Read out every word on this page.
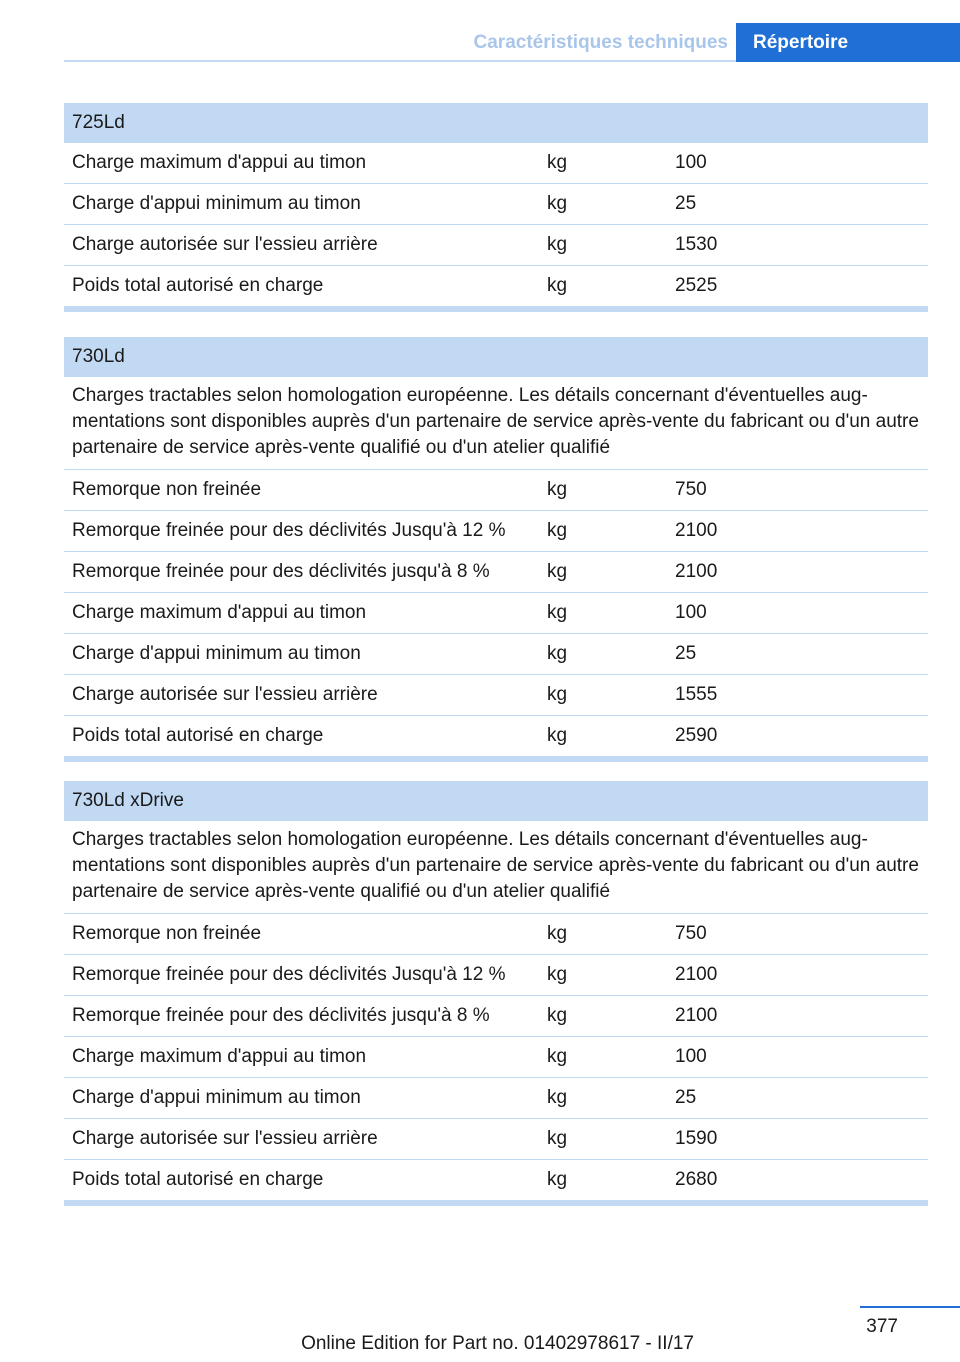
Caractéristiques techniques	Répertoire
725Ld
Charge maximum d'appui au timon	kg	100
Charge d'appui minimum au timon	kg	25
Charge autorisée sur l'essieu arrière	kg	1530
Poids total autorisé en charge	kg	2525
730Ld
Charges tractables selon homologation européenne. Les détails concernant d'éventuelles aug‐mentations sont disponibles auprès d'un partenaire de service après-vente du fabricant ou d'un autre partenaire de service après-vente qualifié ou d'un atelier qualifié
Remorque non freinée	kg	750
Remorque freinée pour des déclivités Jusqu'à 12 %	kg	2100
Remorque freinée pour des déclivités jusqu'à 8 %	kg	2100
Charge maximum d'appui au timon	kg	100
Charge d'appui minimum au timon	kg	25
Charge autorisée sur l'essieu arrière	kg	1555
Poids total autorisé en charge	kg	2590
730Ld xDrive
Charges tractables selon homologation européenne. Les détails concernant d'éventuelles aug‐mentations sont disponibles auprès d'un partenaire de service après-vente du fabricant ou d'un autre partenaire de service après-vente qualifié ou d'un atelier qualifié
Remorque non freinée	kg	750
Remorque freinée pour des déclivités Jusqu'à 12 %	kg	2100
Remorque freinée pour des déclivités jusqu'à 8 %	kg	2100
Charge maximum d'appui au timon	kg	100
Charge d'appui minimum au timon	kg	25
Charge autorisée sur l'essieu arrière	kg	1590
Poids total autorisé en charge	kg	2680
377
Online Edition for Part no. 01402978617 - II/17
